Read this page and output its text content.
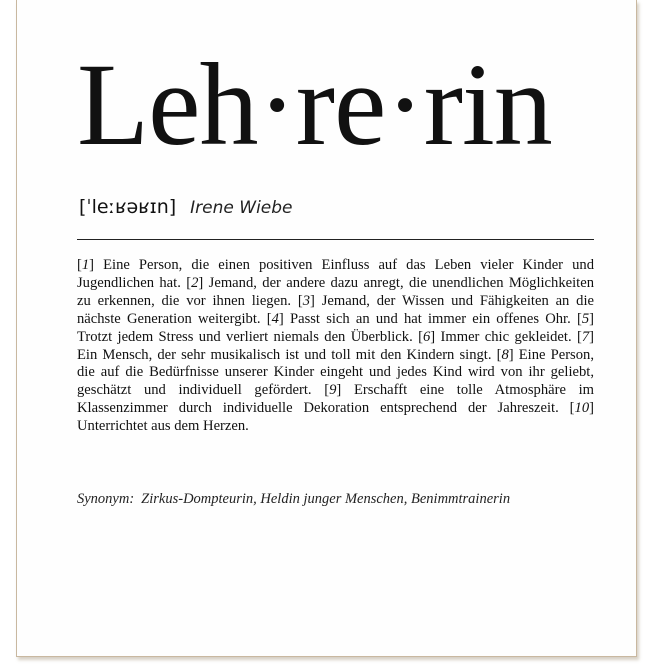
Leh·re·rin
[ˈleːʁəʁɪn] Irene Wiebe

[1] Eine Person, die einen positiven Einfluss auf das Leben vieler Kinder und Jugendlichen hat. [2] Jemand, der andere dazu anregt, die unendlichen Möglichkeiten zu erkennen, die vor ihnen liegen. [3] Jemand, der Wissen und Fähigkeiten an die nächste Generation weitergibt. [4] Passt sich an und hat immer ein offenes Ohr. [5] Trotzt jedem Stress und verliert niemals den Überblick. [6] Immer chic gekleidet. [7] Ein Mensch, der sehr musikalisch ist und toll mit den Kindern singt. [8] Eine Person, die auf die Bedürfnisse unserer Kinder eingeht und jedes Kind wird von ihr geliebt, geschätzt und individuell gefördert. [9] Erschafft eine tolle Atmosphäre im Klassenzimmer durch individuelle Dekoration entsprechend der Jahreszeit. [10] Unterrichtet aus dem Herzen.

Synonym: Zirkus-Dompteurin, Heldin junger Menschen, Benimmtrainerin
